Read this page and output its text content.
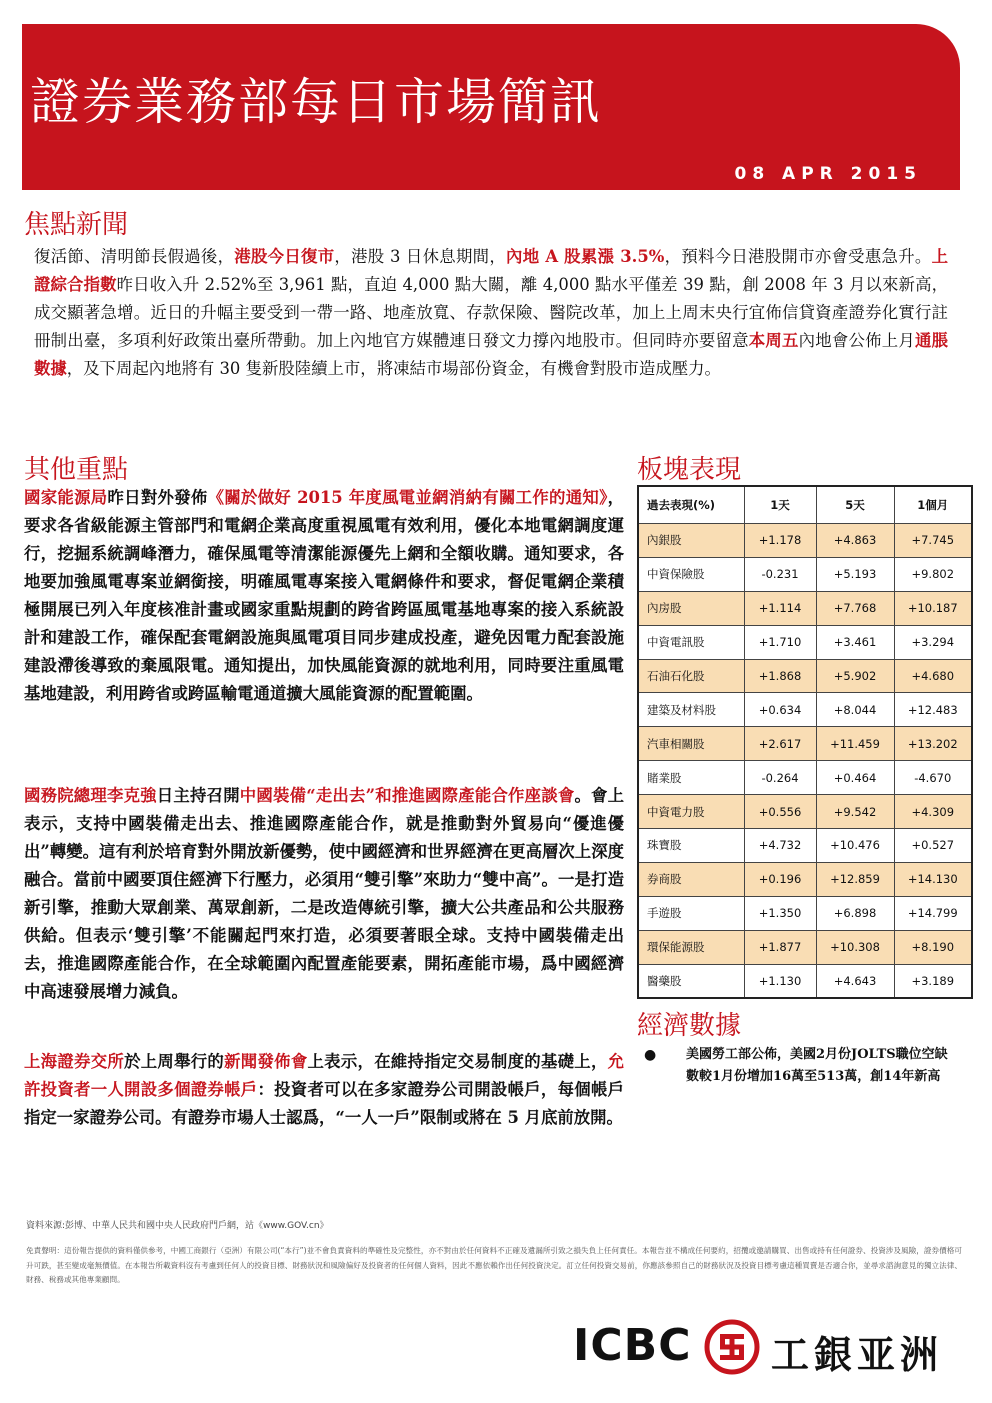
證券業務部每日市場簡訊
08 APR 2015
焦點新聞

復活節、清明節長假過後，港股今日復市，港股 3 日休息期間，內地 A 股累漲 3.5%，預料今日港股開市亦會受惠急升。上證綜合指數昨日收入升 2.52%至 3,961 點，直迫 4,000 點大關，離 4,000 點水平僅差 39 點，創 2008 年 3 月以來新高，成交顯著急增。近日的升幅主要受到一帶一路、地產放寬、存款保險、醫院改革，加上上周末央行宜佈信貸資產證券化實行註冊制出臺，多項利好政策出臺所帶動。加上內地官方媒體連日發文力撐內地股市。但同時亦要留意本周五內地會公佈上月通脹數據，及下周起內地將有 30 隻新股陸續上市，將凍結市場部份資金，有機會對股市造成壓力。

其他重點

國家能源局昨日對外發佈《關於做好 2015 年度風電並網消納有關工作的通知》，要求各省級能源主管部門和電網企業高度重視風電有效利用，優化本地電網調度運行，挖掘系統調峰潛力，確保風電等清潔能源優先上網和全額收購。通知要求，各地要加強風電專案並網銜接，明確風電專案接入電網條件和要求，督促電網企業積極開展已列入年度核准計畫或國家重點規劃的跨省跨區風電基地專案的接入系統設計和建設工作，確保配套電網設施與風電項目同步建成投產，避免因電力配套設施建設滯後導致的棄風限電。通知提出，加快風能資源的就地利用，同時要注重風電基地建設，利用跨省或跨區輸電通道擴大風能資源的配置範圍。

國務院總理李克強日主持召開中國裝備“走出去”和推進國際產能合作座談會。會上表示，支持中國裝備走出去、推進國際產能合作，就是推動對外貿易向“優進優出”轉變。這有利於培育對外開放新優勢，使中國經濟和世界經濟在更高層次上深度融合。當前中國要頂住經濟下行壓力，必須用“雙引擎”來助力“雙中高”。一是打造新引擎，推動大眾創業、萬眾創新，二是改造傳統引擎，擴大公共產品和公共服務供給。但表示‘雙引擎’不能關起門來打造，必須要著眼全球。支持中國裝備走出去，推進國際產能合作，在全球範圍內配置產能要素，開拓產能市場，爲中國經濟中高速發展增力減負。

上海證券交所於上周舉行的新聞發佈會上表示，在維持指定交易制度的基礎上，允許投資者一人開設多個證券帳戶：投資者可以在多家證券公司開設帳戶，每個帳戶指定一家證券公司。有證券市場人士認爲，“一人一戶”限制或將在 5 月底前放開。

板塊表現
過去表現(%)	1天	5天	1個月
內銀股	+1.178	+4.863	+7.745
中資保險股	-0.231	+5.193	+9.802
內房股	+1.114	+7.768	+10.187
中資電訊股	+1.710	+3.461	+3.294
石油石化股	+1.868	+5.902	+4.680
建築及材料股	+0.634	+8.044	+12.483
汽車相關股	+2.617	+11.459	+13.202
賭業股	-0.264	+0.464	-4.670
中資電力股	+0.556	+9.542	+4.309
珠寶股	+4.732	+10.476	+0.527
券商股	+0.196	+12.859	+14.130
手遊股	+1.350	+6.898	+14.799
環保能源股	+1.877	+10.308	+8.190
醫藥股	+1.130	+4.643	+3.189
經濟數據
● 美國勞工部公佈，美國2月份JOLTS職位空缺數較1月份增加16萬至513萬，創14年新高

資料來源:彭博、中華人民共和國中央人民政府門戶網，站《www.GOV.cn》

免責聲明：這份報告提供的資料僅供參考，中國工商銀行（亞洲）有限公司(“本行”)並不會負責資料的準確性及完整性，亦不對由於任何資料不正確及遺漏所引致之損失負上任何責任。本報告並不構成任何要約，招攬或邀請購買、出售或持有任何證券、投資涉及風險，證券價格可升可跌，甚至變成毫無價值。在本報告所載資料沒有考慮到任何人的投資目標、財務狀況和風險偏好及投資者的任何個人資料，因此不應依賴作出任何投資決定。訂立任何投資交易前，你應該參照自己的財務狀況及投資目標考慮這種買賣是否適合你，並尋求諮詢意見的獨立法律、財務、稅務或其他專業顧問。

ICBC 工銀亚洲
